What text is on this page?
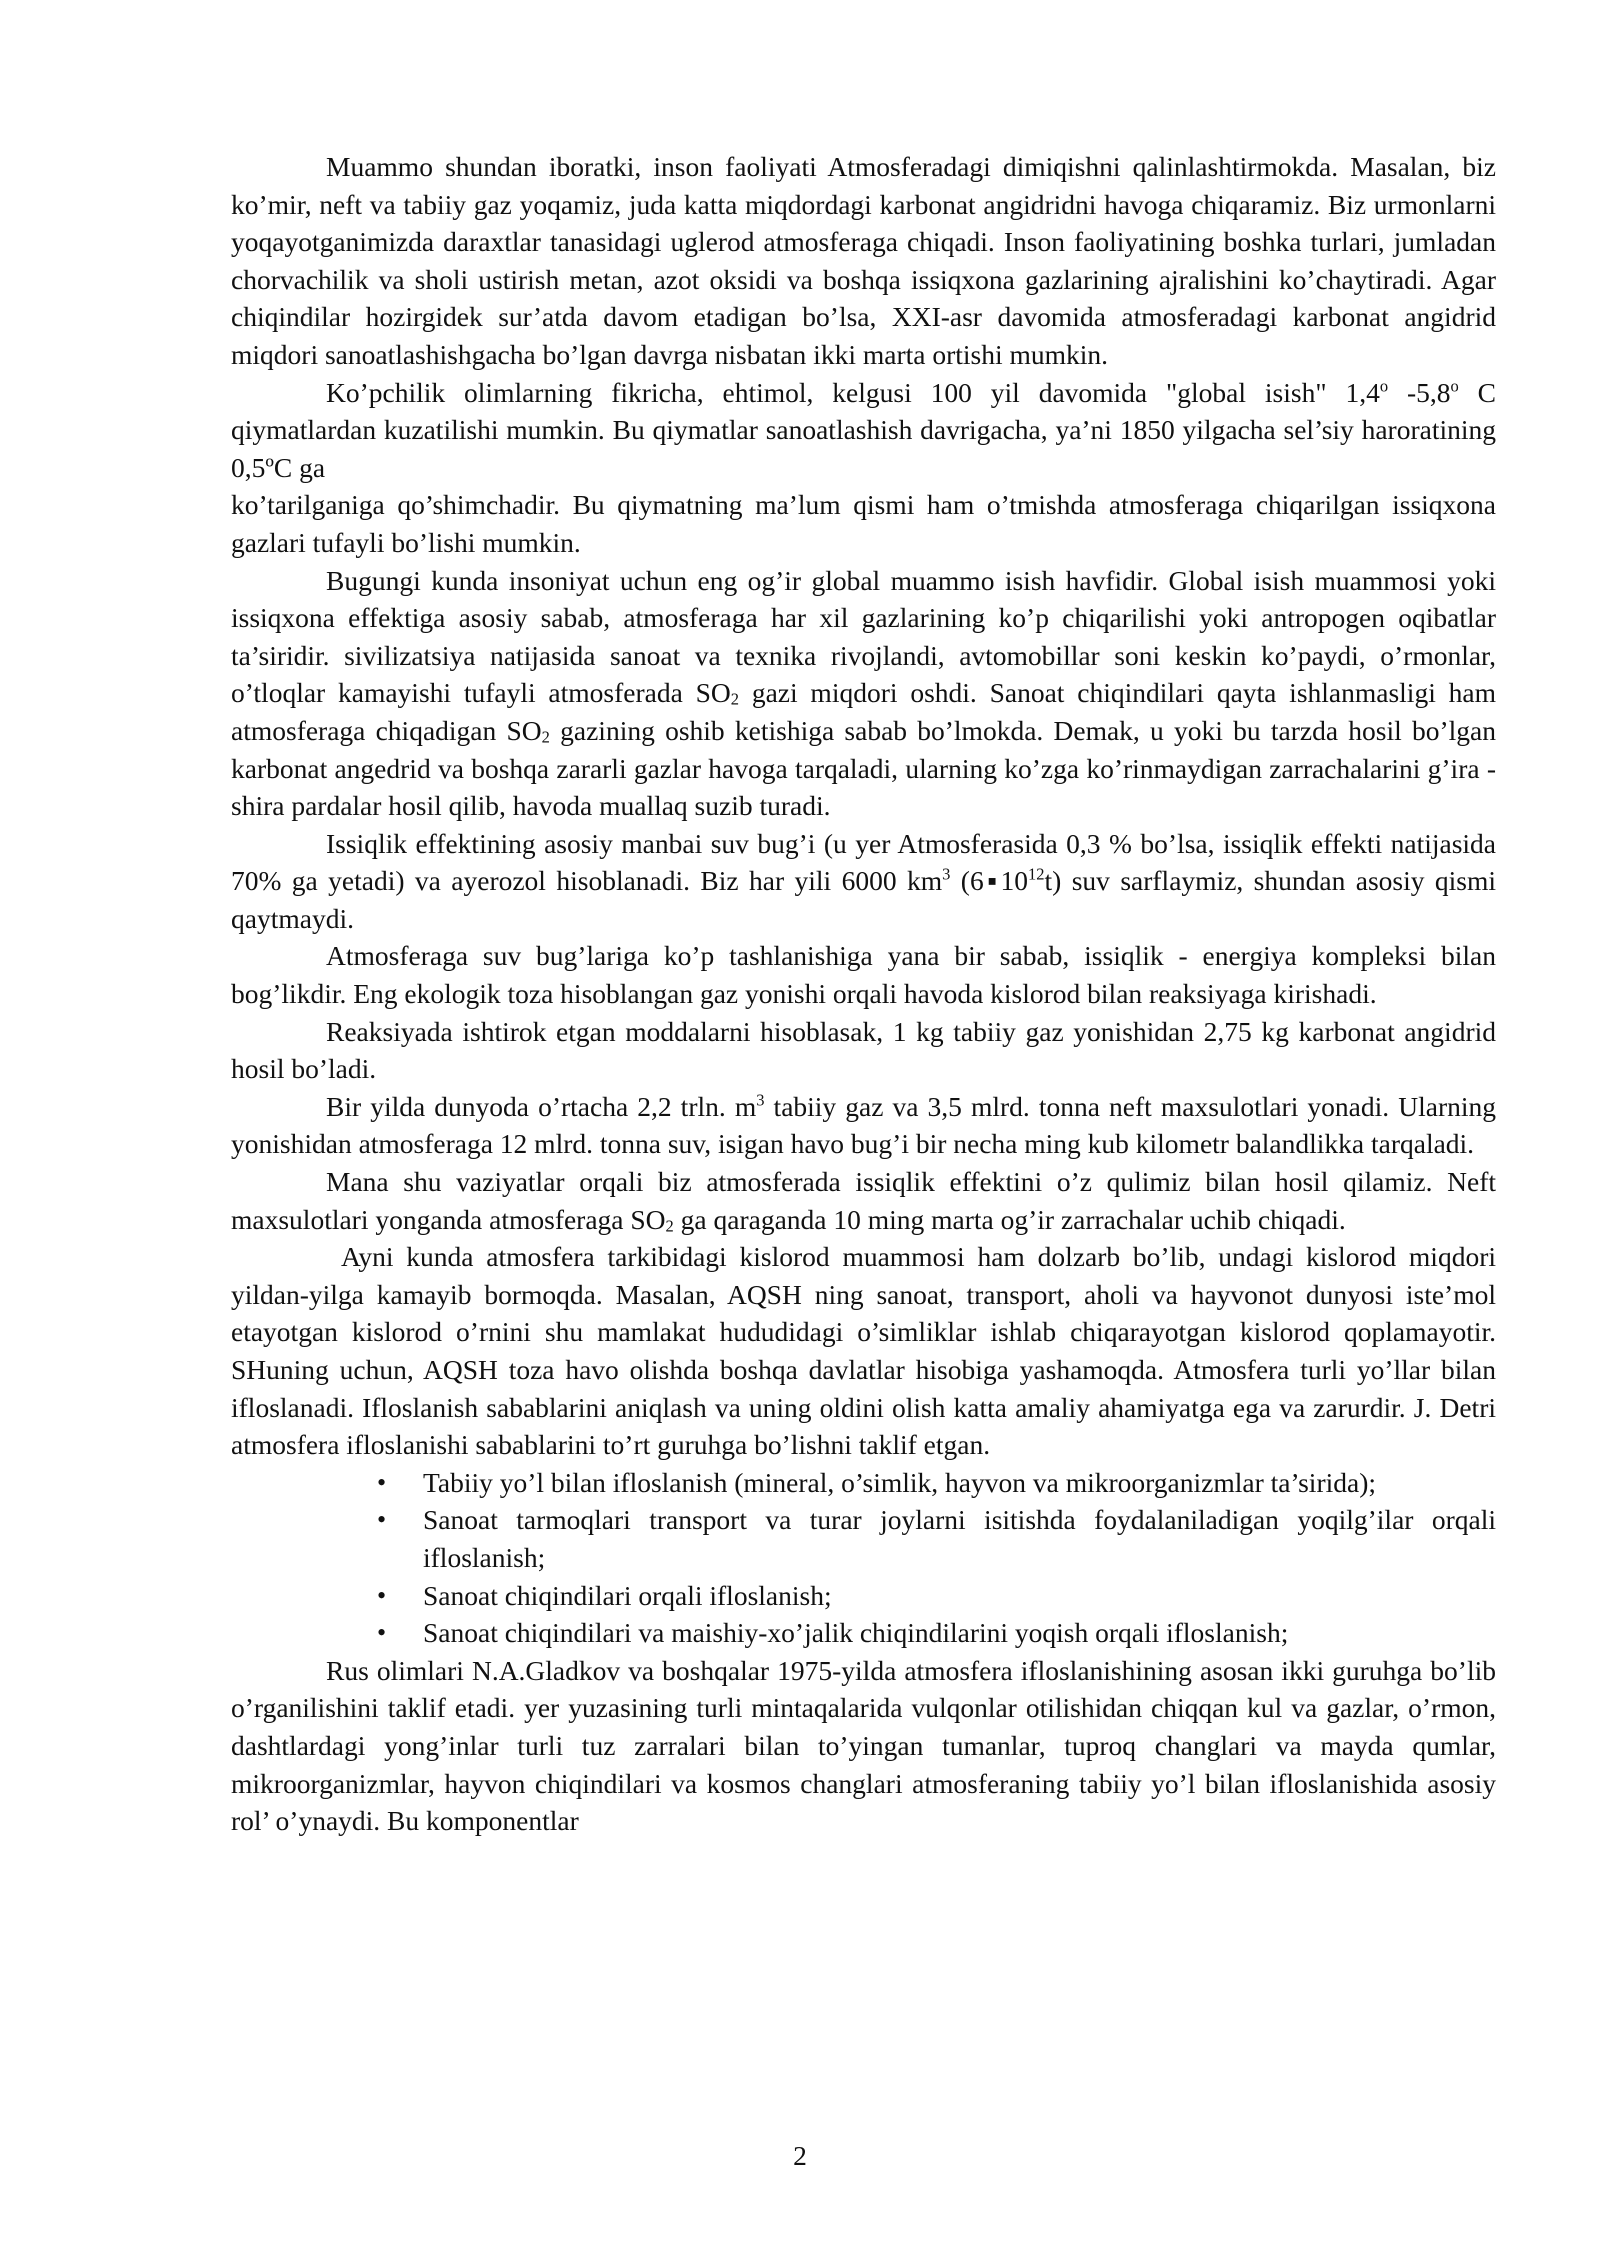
Muammo shundan iboratki, inson faoliyati Atmosferadagi dimiqishni qalinlashtirmokda. Masalan, biz ko’mir, neft va tabiiy gaz yoqamiz, juda katta miqdordagi karbonat angidridni havoga chiqaramiz. Biz urmonlarni yoqayotganimizda daraxtlar tanasidagi uglerod atmosferaga chiqadi. Inson faoliyatining boshka turlari, jumladan chorvachilik va sholi ustirish metan, azot oksidi va boshqa issiqxona gazlarining ajralishini ko’chaytiradi. Agar chiqindilar hozirgidek sur’atda davom etadigan bo’lsa, XXI-asr davomida atmosferadagi karbonat angidrid miqdori sanoatlashishgacha bo’lgan davrga nisbatan ikki marta ortishi mumkin.

Ko’pchilik olimlarning fikricha, ehtimol, kelgusi 100 yil davomida "global isish" 1,4$^o$ -5,8$^o$ C qiymatlardan kuzatilishi mumkin. Bu qiymatlar sanoatlashish davrigacha, ya’ni 1850 yilgacha sel’siy haroratining 0,5ºC ga

ko’tarilganiga qo’shimchadir. Bu qiymatning ma’lum qismi ham o’tmishda atmosferaga chiqarilgan issiqxona gazlari tufayli bo’lishi mumkin.

Bugungi kunda insoniyat uchun eng og’ir global muammo isish havfidir. Global isish muammosi yoki issiqxona effektiga asosiy sabab, atmosferaga har xil gazlarining ko’p chiqarilishi yoki antropogen oqibatlar ta’siridir. sivilizatsiya natijasida sanoat va texnika rivojlandi, avtomobillar soni keskin ko’paydi, o’rmonlar, o’tloqlar kamayishi tufayli atmosferada $SO_2$ gazi miqdori oshdi. Sanoat chiqindilari qayta ishlanmasligi ham atmosferaga chiqadigan $SO_2$ gazining oshib ketishiga sabab bo’lmokda. Demak, u yoki bu tarzda hosil bo’lgan karbonat angedrid va boshqa zararli gazlar havoga tarqaladi, ularning ko’zga ko’rinmaydigan zarrachalarini g’ira - shira pardalar hosil qilib, havoda muallaq suzib turadi.

Issiqlik effektining asosiy manbai suv bug’i (u yer Atmosferasida 0,3 % bo’lsa, issiqlik effekti natijasida 70% ga yetadi) va ayerozol hisoblanadi. Biz har yili 6000 $km^3$ $(6▪10^{12}t)$ suv sarflaymiz, shundan asosiy qismi qaytmaydi.

Atmosferaga suv bug’lariga ko’p tashlanishiga yana bir sabab, issiqlik - energiya kompleksi bilan bog’likdir. Eng ekologik toza hisoblangan gaz yonishi orqali havoda kislorod bilan reaksiyaga kirishadi.

Reaksiyada ishtirok etgan moddalarni hisoblasak, 1 kg tabiiy gaz yonishidan 2,75 kg karbonat angidrid hosil bo’ladi.

Bir yilda dunyoda o’rtacha 2,2 trln. $m^3$ tabiiy gaz va 3,5 mlrd. tonna neft maxsulotlari yonadi. Ularning yonishidan atmosferaga 12 mlrd. tonna suv, isigan havo bug’i bir necha ming kub kilometr balandlikka tarqaladi.

Mana shu vaziyatlar orqali biz atmosferada issiqlik effektini o’z qulimiz bilan hosil qilamiz. Neft maxsulotlari yonganda atmosferaga $SO_2$ ga qaraganda 10 ming marta og’ir zarrachalar uchib chiqadi.

Ayni kunda atmosfera tarkibidagi kislorod muammosi ham dolzarb bo’lib, undagi kislorod miqdori yildan-yilga kamayib bormoqda. Masalan, AQSH ning sanoat, transport, aholi va hayvonot dunyosi iste’mol etayotgan kislorod o’rnini shu mamlakat hududidagi o’simliklar ishlab chiqarayotgan kislorod qoplamayotir. SHuning uchun, AQSH toza havo olishda boshqa davlatlar hisobiga yashamoqda. Atmosfera turli yo’llar bilan ifloslanadi. Ifloslanish sabablarini aniqlash va uning oldini olish katta amaliy ahamiyatga ega va zarurdir. J. Detri atmosfera ifloslanishi sabablarini to’rt guruhga bo’lishni taklif etgan.

• Tabiiy yo’l bilan ifloslanish (mineral, o’simlik, hayvon va mikroorganizmlar ta’sirida);
• Sanoat tarmoqlari transport va turar joylarni isitishda foydalaniladigan yoqilg’ilar orqali ifloslanish;
• Sanoat chiqindilari orqali ifloslanish;
• Sanoat chiqindilari va maishiy-xo’jalik chiqindilarini yoqish orqali ifloslanish;

Rus olimlari N.A.Gladkov va boshqalar 1975-yilda atmosfera ifloslanishining asosan ikki guruhga bo’lib o’rganilishini taklif etadi. yer yuzasining turli mintaqalarida vulqonlar otilishidan chiqqan kul va gazlar, o’rmon, dashtlardagi yong’inlar turli tuz zarralari bilan to’yingan tumanlar, tuproq changlari va mayda qumlar, mikroorganizmlar, hayvon chiqindilari va kosmos changlari atmosferaning tabiiy yo’l bilan ifloslanishida asosiy rol’ o’ynaydi. Bu komponentlar

2
